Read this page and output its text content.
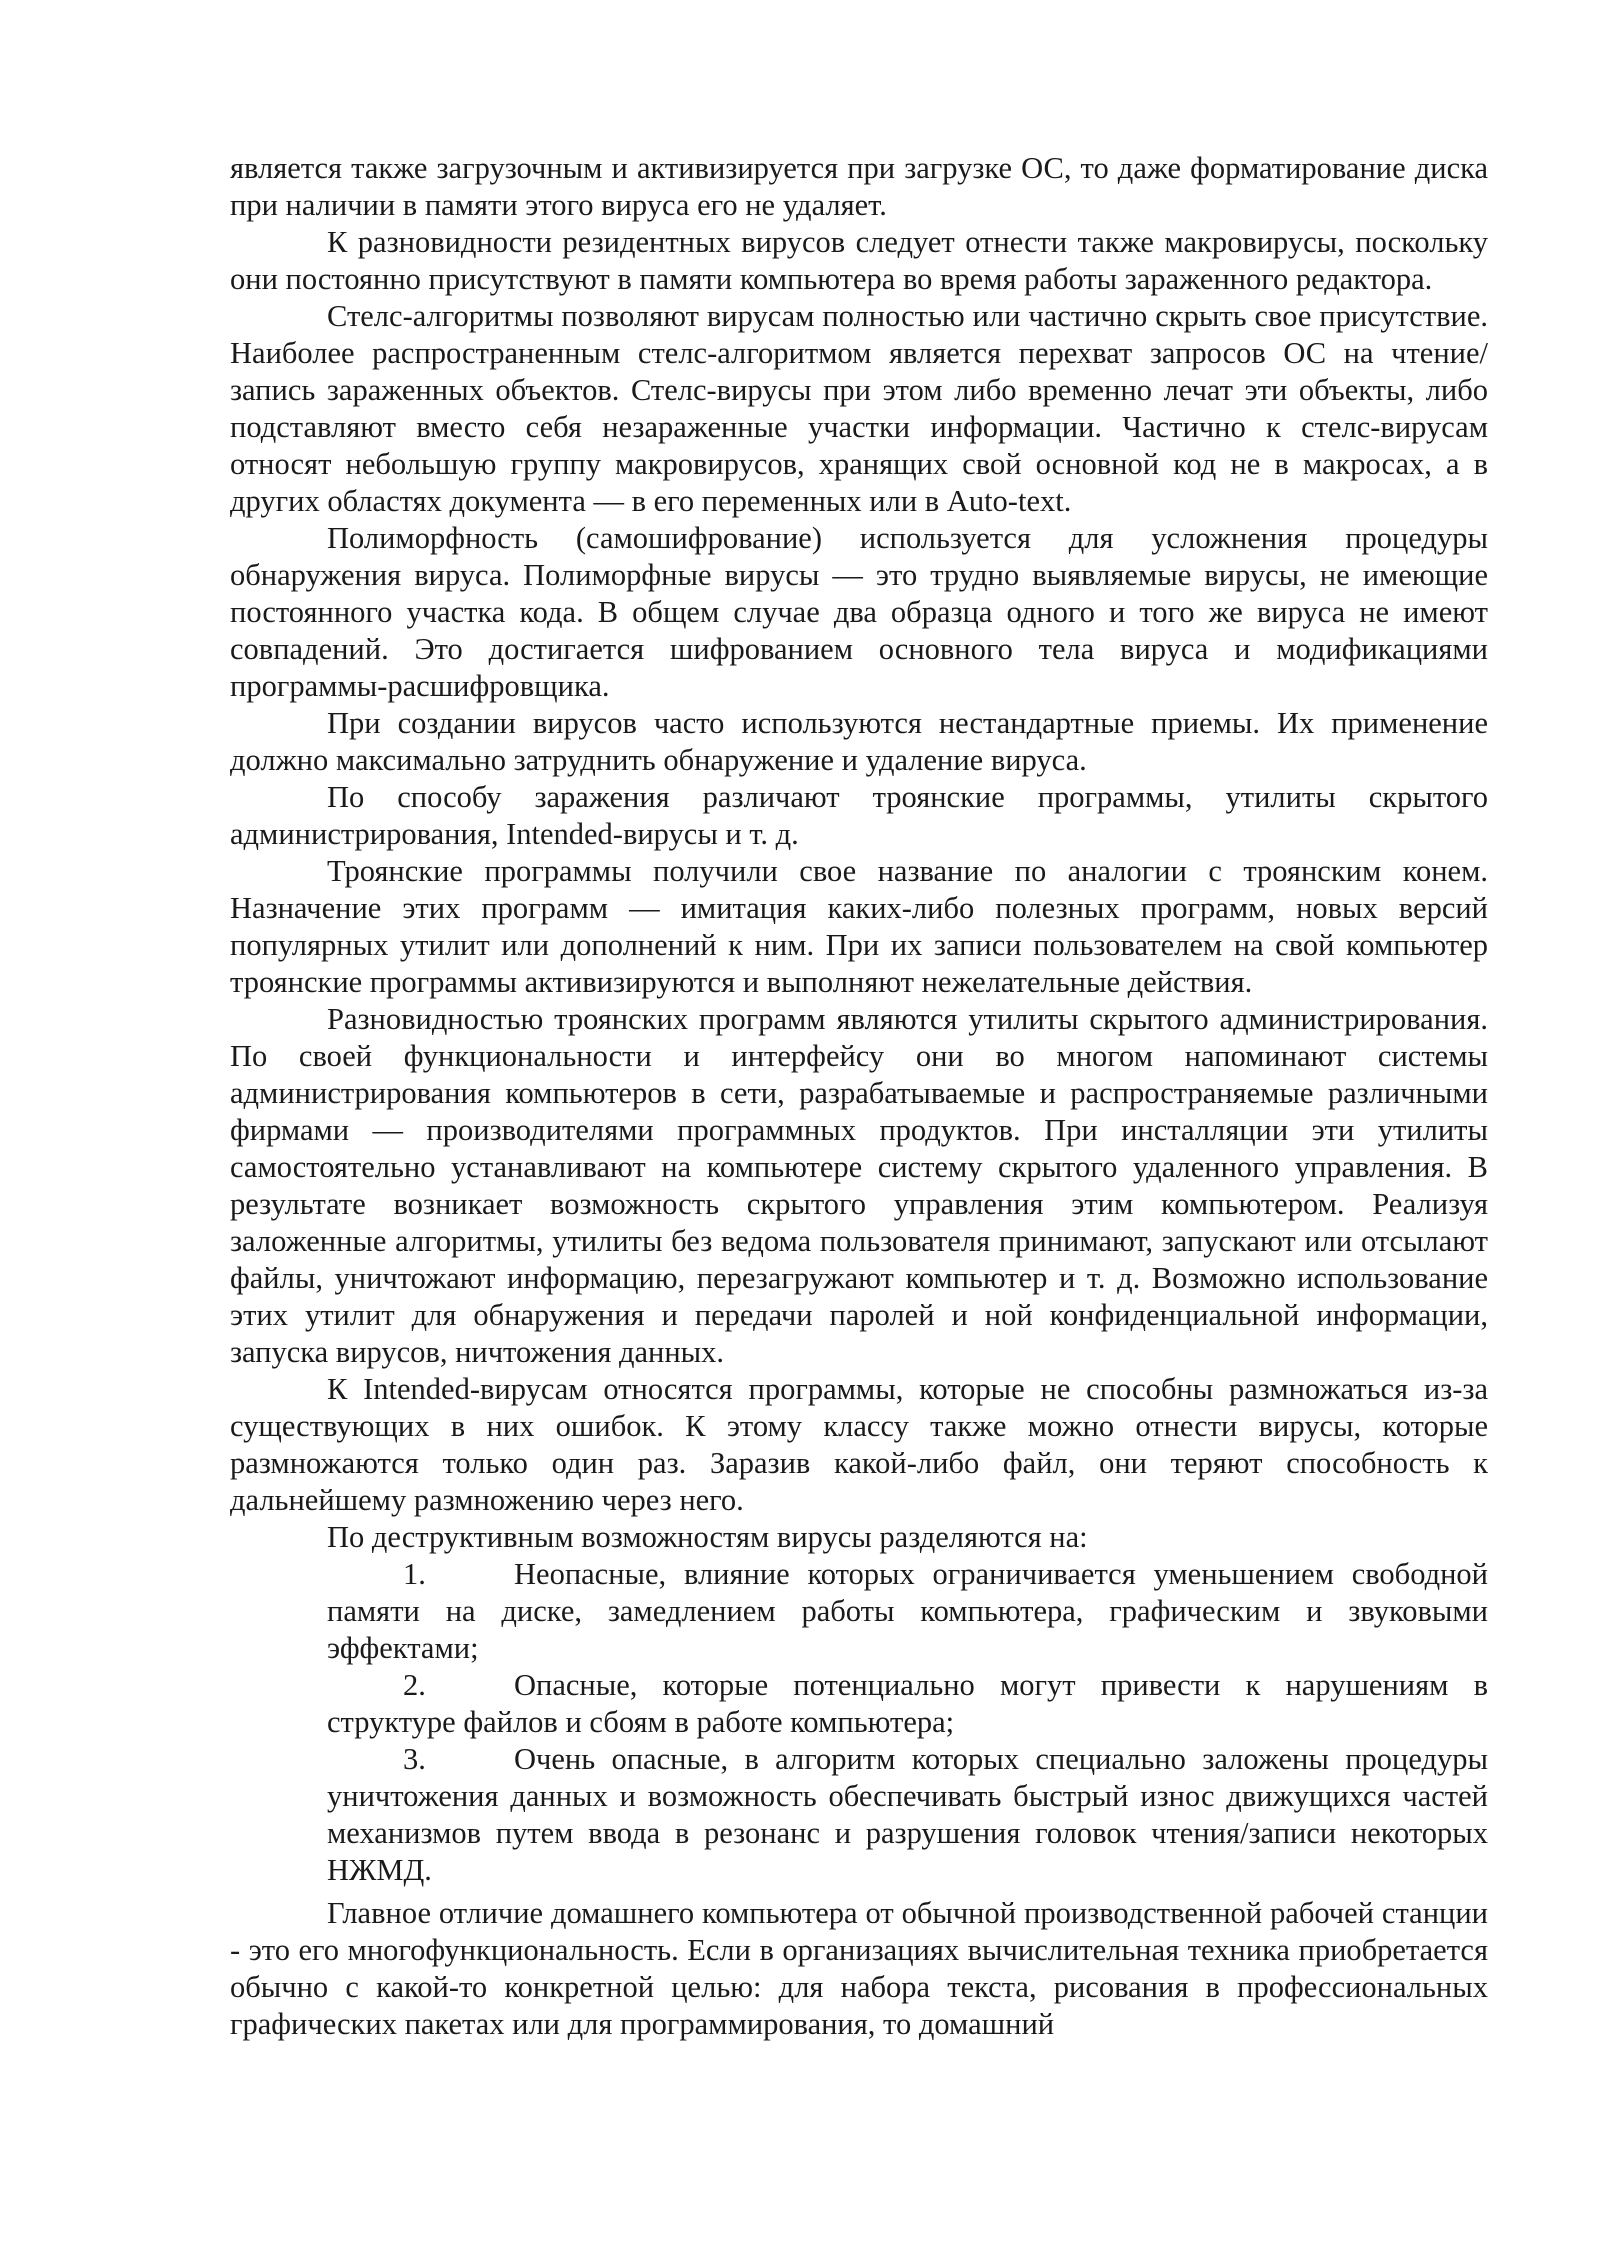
является также загрузочным и активизируется при загрузке ОС, то даже форматирование диска при наличии в памяти этого вируса его не удаляет.

К разновидности резидентных вирусов следует отнести также макровирусы, поскольку они постоянно присутствуют в памяти компьютера во время работы зараженного редактора.

Стелс-алгоритмы позволяют вирусам полностью или частично скрыть свое присутствие. Наиболее распространенным стелс-алгоритмом является перехват запросов ОС на чтение/запись зараженных объектов. Стелс-вирусы при этом либо временно лечат эти объекты, либо подставляют вместо себя незараженные участки информации. Частично к стелс-вирусам относят небольшую группу макровирусов, хранящих свой основной код не в макросах, а в других областях документа — в его переменных или в Auto-text.

Полиморфность (самошифрование) используется для усложнения процедуры обнаружения вируса. Полиморфные вирусы — это трудно выявляемые вирусы, не имеющие постоянного участка кода. В общем случае два образца одного и того же вируса не имеют совпадений. Это достигается шифрованием основного тела вируса и модификациями программы-расшифровщика.

При создании вирусов часто используются нестандартные приемы. Их применение должно максимально затруднить обнаружение и удаление вируса.

По способу заражения различают троянские программы, утилиты скрытого администрирования, Intended-вирусы и т. д.

Троянские программы получили свое название по аналогии с троянским конем. Назначение этих программ — имитация каких-либо полезных программ, новых версий популярных утилит или дополнений к ним. При их записи пользователем на свой компьютер троянские программы активизируются и выполняют нежелательные действия.

Разновидностью троянских программ являются утилиты скрытого администрирования. По своей функциональности и интерфейсу они во многом напоминают системы администрирования компьютеров в сети, разрабатываемые и распространяемые различными фирмами — производителями программных продуктов. При инсталляции эти утилиты самостоятельно устанавливают на компьютере систему скрытого удаленного управления. В результате возникает возможность скрытого управления этим компьютером. Реализуя заложенные алгоритмы, утилиты без ведома пользователя принимают, запускают или отсылают файлы, уничтожают информацию, перезагружают компьютер и т. д. Возможно использование этих утилит для обнаружения и передачи паролей и ной конфиденциальной информации, запуска вирусов, ничтожения данных.

К Intended-вирусам относятся программы, которые не способны размножаться из-за существующих в них ошибок. К этому классу также можно отнести вирусы, которые размножаются только один раз. Заразив какой-либо файл, они теряют способность к дальнейшему размножению через него.

По деструктивным возможностям вирусы разделяются на:

1.	Неопасные, влияние которых ограничивается уменьшением свободной памяти на диске, замедлением работы компьютера, графическим и звуковыми эффектами;
2.	Опасные, которые потенциально могут привести к нарушениям в структуре файлов и сбоям в работе компьютера;
3.	Очень опасные, в алгоритм которых специально заложены процедуры уничтожения данных и возможность обеспечивать быстрый износ движущихся частей механизмов путем ввода в резонанс и разрушения головок чтения/записи некоторых НЖМД.

Главное отличие домашнего компьютера от обычной производственной рабочей станции - это его многофункциональность. Если в организациях вычислительная техника приобретается обычно с какой-то конкретной целью: для набора текста, рисования в профессиональных графических пакетах или для программирования, то домашний
